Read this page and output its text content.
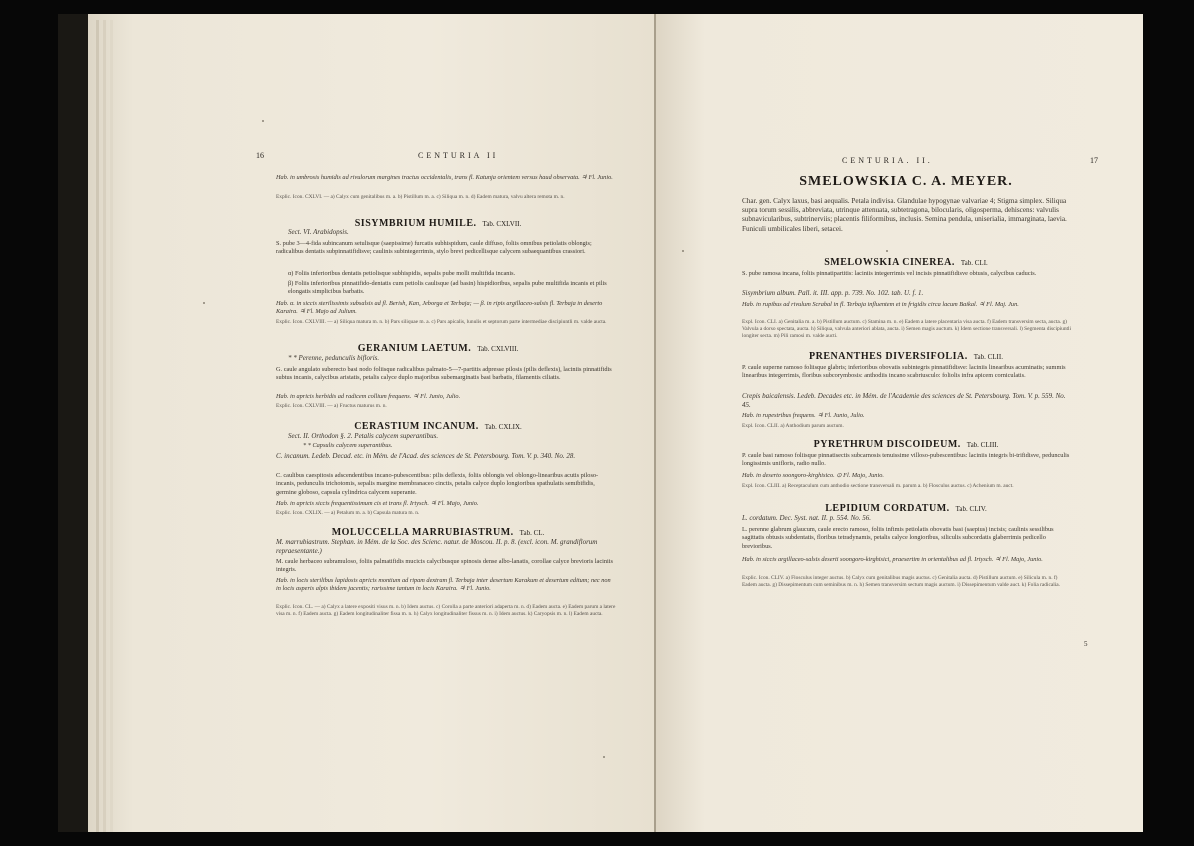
16	CENTURIA II
Hab. in umbrosis humidis ad rivulorum margines tractus occidentalis, trans fl. Katunja orientem versus haud observata. ♃ Fl. Junio.
Explic. Icon. CXLVI. — a) Calyx cum genitalibus m. a. b) Pistillum m. a. c) Siliqua m. n. d) Eadem matura, valvu altera remota m. n.
SISYMBRIUM HUMILE. Tab. CXLVII.
Sect. VI. Arabidopsis.
S. pube 3—4-fida subincanum setulisque (saepissime) furcatis subhispidum, caule diffuso, foliis omnibus petiolatis oblongis; radicalibus dentatis subpinnatifidisve; caulinis subintegerrimis, stylo brevi pedicellisque calycem subaequantibus crassiori.
α) Foliis inferioribus dentatis petiolisque subhispidis, sepalis pube molli multifida incanis.
β) Foliis inferioribus pinnatifido-dentatis cum petiolis caulisque (ad basin) hispidioribus, sepalis pube multifida incanis et pilis elongatis simplicibus barbatis.
Hab. α. in siccis sterilissimis subsalsis ad fl. Berish, Kan, Jeborga et Terbaja; — β. in ripis argillaceo-salsis fl. Terbaja in deserto Karaira. ♃ Fl. Majo ad Julium.
Explic. Icon. CXLVIII. — a) Siliqua matura m. n. b) Pars siliquae m. a. c) Pars apicalis, lunulis et septorum parte intermediae discipiuntli m. valde aucta.
GERANIUM LAETUM. Tab. CXLVIII.
* * Perenne, pedunculis bifloris.
G. caule angulato suberecto basi nodo foliisque radicalibus palmato-5—7-partitis adpresse pilosis (pilis deflexis), laciniis pinnatifidis subtus incanis, calycibus aristatis, petalis calyce duplo majoribus subemarginatis basi barbatis, filamentis ciliatis.
Hab. in apricis herbidis ad radicem collium frequens. ♃ Fl. Junio, Julio.
Explic. Icon. CXLVIII. — a) Fructus maturus m. n.
CERASTIUM INCANUM. Tab. CXLIX.
Sect. II. Orthodon §. 2. Petalis calycem superantibus.
* * Capsulis calycem superantibus.
C. incanum. Ledeb. Decad. etc. in Mém. de l'Acad. des sciences de St. Petersbourg. Tom. V. p. 340. No. 28.
C. caulibus caespitosis adscendentibus incano-pubescentibus: pilis deflexis, foliis oblongis vel oblongo-linearibus acutis piloso-incanis, pedunculis trichotomis, sepalis margine membranaceo cinctis, petalis calyce duplo longioribus spathulatis semibifidis, germine globoso, capsula cylindrica calycem superante.
Hab. in apricis siccis frequentissimum cis et trans fl. Irtysch. ♃ Fl. Majo, Junio.
Explic. Icon. CXLIX. — a) Petalum m. a. b) Capsula matura m. n.
MOLUCCELLA MARRUBIASTRUM. Tab. CL.
M. marrubiastrum. Stephan. in Mém. de la Soc. des Scienc. natur. de Moscou. II. p. 8. (excl. icon. M. grandiflorum repraesentante.)
M. caule herbaceo subramuloso, foliis palmatifidis mucicis calycibusque spinosis dense albo-lanatis, corollae calyce brevioris laciniis integris.
Hab. in locis sterilibus lapidosis apricis montium ad ripam dextram fl. Terbaja inter desertum Karakum et desertum editum; nec non in locis asperis alpis ibidem jacentis; rarissime tantum in locis Karaira. ♃ Fl. Junio.
Explic. Icon. CL. — a) Calyx a latere expositi visus m. n. b) Idem auctus. c) Corolla a parte anteriori adaperta m. n. d) Eadem aucta. e) Eadem parum a latere visa m. n. f) Eadem aucta. g) Eadem longitudinaliter fissa m. n. h) Calyx longitudinaliter fissus m. n. i) Idem auctus. k) Caryopsis m. n. l) Eadem aucta.
CENTURIA. II.	17
SMELOWSKIA C. A. MEYER.
Char. gen. Calyx laxus, basi aequalis. Petala indivisa. Glandulae hypogynae valvariae 4; Stigma simplex. Siliqua supra torum sessilis, abbreviata, utrinque attenuata, subtetragona, bilocularis, oligosperma, dehiscens: valvulis subnavicularibus, subtrinerviis; placentis filiformibus, inclusis. Semina pendula, uniserialia, immarginata, laevia. Funiculi umbilicales liberi, setacei.
SMELOWSKIA CINEREA. Tab. CLI.
S. pube ramosa incana, foliis pinnatipartitis: laciniis integerrimis vel incisis pinnatifidisve obtusis, calycibus caducis.
Sisymbrium album. Pall. it. III. app. p. 739. No. 102. tab. U. f. 1.
Hab. in rupibus ad rivulum Scrabal in fl. Terbaja influentem et in frigidis circa lacum Baikal. ♃ Fl. Maj. Jun.
Expl. Icon. CLI. a) Genitalia m. a. b) Pistillum auctum. c) Stamina m. n. e) Eadem a latere placentaria visa aucta. f) Eadem transversim secta, aucta. g) Valvula a dorso spectata, aucta. h) Siliqua, valvula anteriori ablata, aucta. i) Semen magis auctum. k) Idem sectione transversali. l) Segmenta discipiuntli longiter secta. m) Pili ramosi m. valde aucti.
PRENANTHES DIVERSIFOLIA. Tab. CLII.
P. caule superne ramoso foliisque glabris; inferioribus obovatis subintegris pinnatifidisve: laciniis linearibus acuminatis; summis linearibus integerrimis, floribus subcorymbosis: anthodiis incano scabriusculo: foliolis infra apicem corniculatis.
Crepis baicalensis. Ledeb. Decades etc. in Mém. de l'Academie des sciences de St. Petersbourg. Tom. V. p. 559. No. 45.
Hab. in rupestribus frequens. ♃ Fl. Junio, Julio.
Expl. Icon. CLII. a) Anthodium parum auctum.
PYRETHRUM DISCOIDEUM. Tab. CLIII.
P. caule basi ramoso foliisque pinnatisectis subcarnosis tenuissime villoso-pubescentibus: laciniis integris bi-trifidisve, pedunculis longissimis unifloris, radio nullo.
Hab. in deserto soongoro-kirghisico. ⊙ Fl. Majo, Junio.
Expl. Icon. CLIII. a) Receptaculum cum anthodio sectione transversali m. parum a. b) Flosculus auctus. c) Achenium m. auct.
LEPIDIUM CORDATUM. Tab. CLIV.
L. cordatum. Dec. Syst. nat. II. p. 554. No. 56.
L. perenne glabrum glaucum, caule erecto ramoso, foliis infimis petiolatis obovatis basi (saepius) incisis; caulinis sessilibus sagittatis obtusis subdentatis, floribus tetradynamis, petalis calyce longioribus, siliculis subcordatis glaberrimis pedicello brevioribus.
Hab. in siccis argillaceo-salsis deserti soongoro-kirghisici, praesertim in orientalibus ad fl. Irtysch. ♃ Fl. Majo, Junio.
Explic. Icon. CLIV. a) Flosculus integer auctus. b) Calyx cum genitalibus magis auctus. c) Genitalia aucta. d) Pistillum auctum. e) Silicula m. n. f) Eadem aucta. g) Dissepimentum cum seminibus m. n. h) Semen transversim sectum magis auctum. i) Dissepimentum valde auct. k) Folia radicalia.
5
